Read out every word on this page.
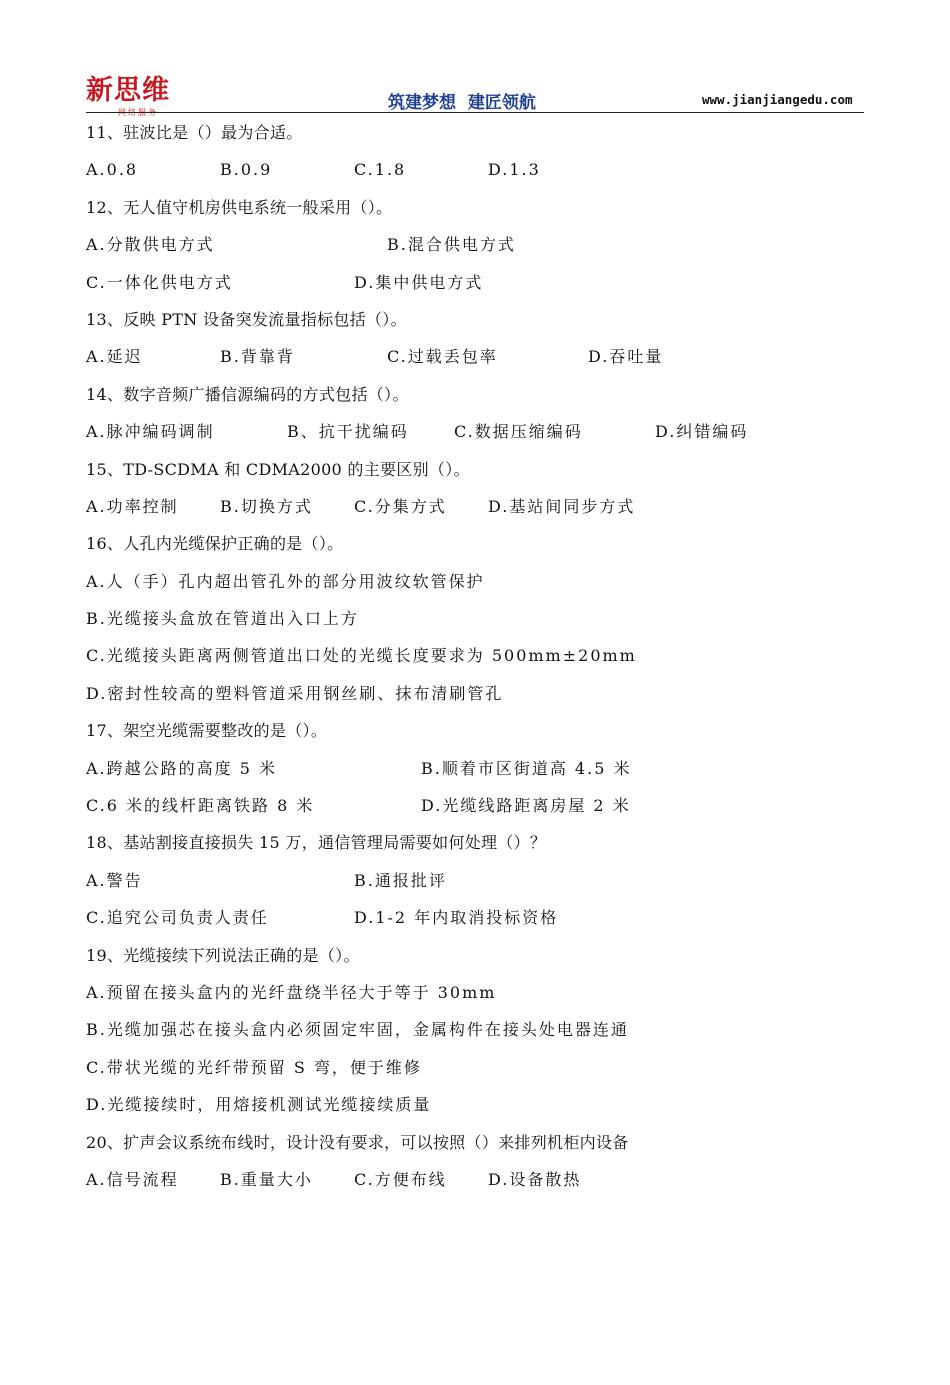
新思维
- 网络服务 -	筑建梦想  建匠领航	www.jianjiangedu.com
11、驻波比是（）最为合适。

A.0.8

	B.0.9

	C.1.8

	D.1.3

12、无人值守机房供电系统一般采用（）。

A.分散供电方式

	B.混合供电方式

C.一体化供电方式

	D.集中供电方式

13、反映 PTN 设备突发流量指标包括（）。

A.延迟

	B.背靠背

	C.过载丢包率

	D.吞吐量

14、数字音频广播信源编码的方式包括（）。

A.脉冲编码调制

	B、抗干扰编码

	C.数据压缩编码

	D.纠错编码

15、TD-SCDMA 和 CDMA2000 的主要区别（）。

A.功率控制

	B.切换方式

	C.分集方式

	D.基站间同步方式

16、人孔内光缆保护正确的是（）。

A.人（手）孔内超出管孔外的部分用波纹软管保护

B.光缆接头盒放在管道出入口上方

C.光缆接头距离两侧管道出口处的光缆长度要求为 500mm±20mm

D.密封性较高的塑料管道采用钢丝刷、抹布清刷管孔

17、架空光缆需要整改的是（）。

A.跨越公路的高度 5 米

	B.顺着市区街道高 4.5 米

C.6 米的线杆距离铁路 8 米

	D.光缆线路距离房屋 2 米

18、基站割接直接损失 15 万，通信管理局需要如何处理（）？

A.警告

	B.通报批评

C.追究公司负责人责任

	D.1-2 年内取消投标资格

19、光缆接续下列说法正确的是（）。

A.预留在接头盒内的光纤盘绕半径大于等于 30mm

B.光缆加强芯在接头盒内必须固定牢固，金属构件在接头处电器连通

C.带状光缆的光纤带预留 S 弯，便于维修

D.光缆接续时，用熔接机测试光缆接续质量

20、扩声会议系统布线时，设计没有要求，可以按照（）来排列机柜内设备

A.信号流程

	B.重量大小

	C.方便布线

	D.设备散热
